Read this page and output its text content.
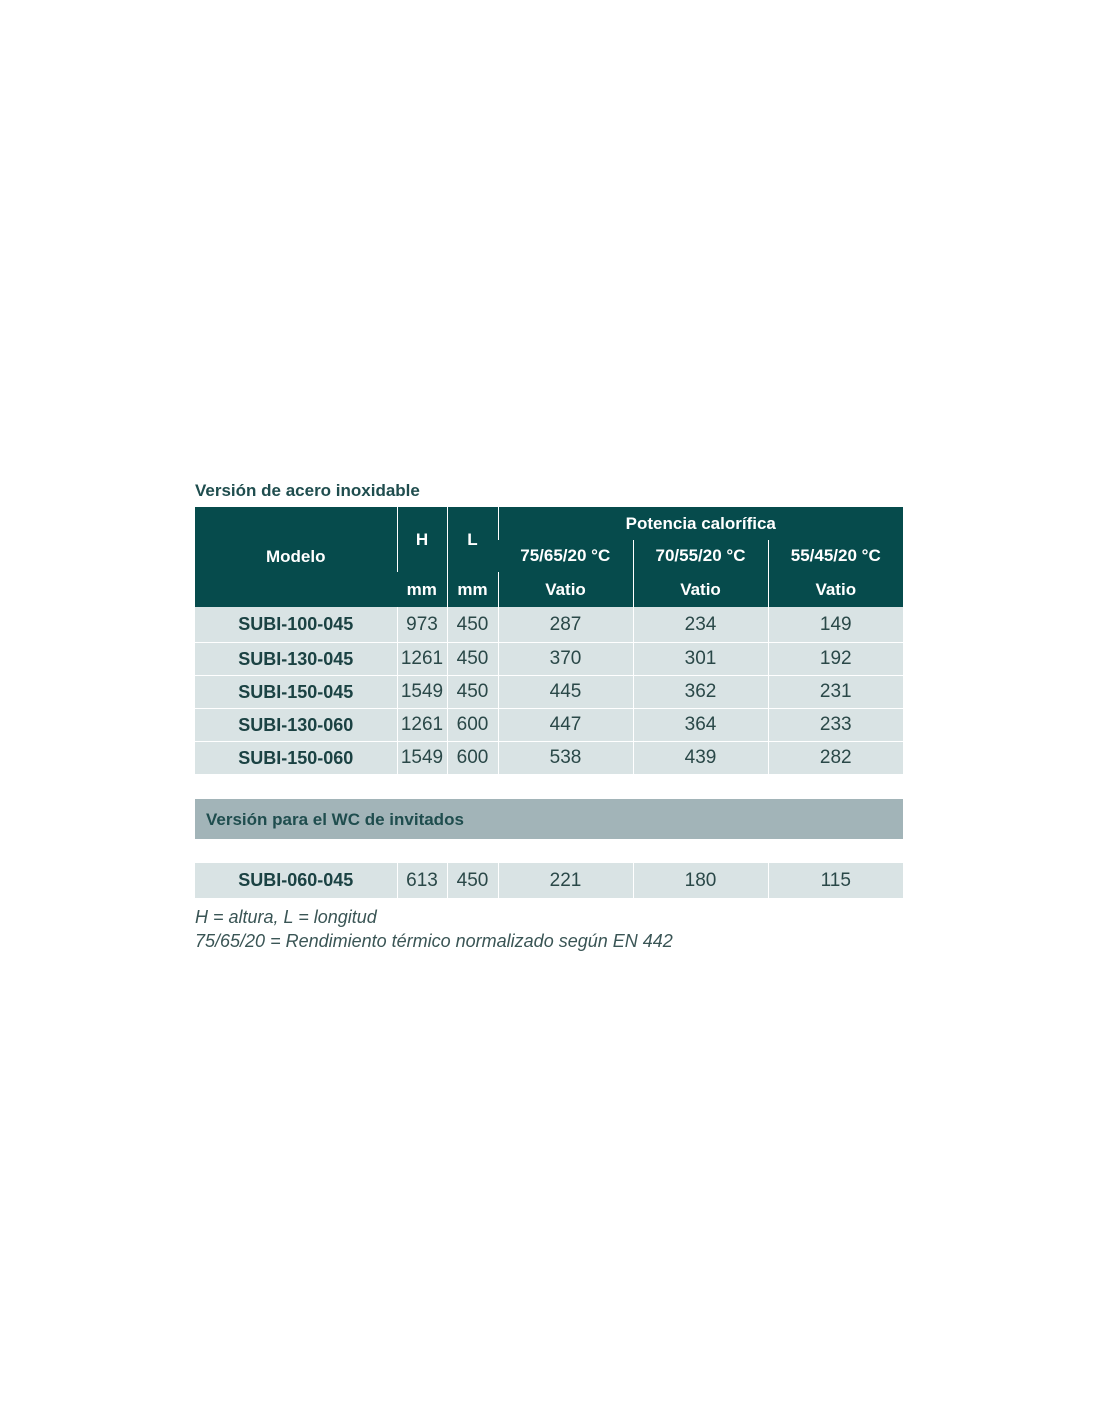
Versión de acero inoxidable
Modelo	H	L	Potencia calorífica		
			75/65/20 °C	70/55/20 °C	55/45/20 °C
	mm	mm	Vatio	Vatio	Vatio
SUBI-100-045	973	450	287	234	149
SUBI-130-045	1261	450	370	301	192
SUBI-150-045	1549	450	445	362	231
SUBI-130-060	1261	600	447	364	233
SUBI-150-060	1549	600	538	439	282
Versión para el WC de invitados
SUBI-060-045	613	450	221	180	115
H = altura, L = longitud
75/65/20 = Rendimiento térmico normalizado según EN 442
